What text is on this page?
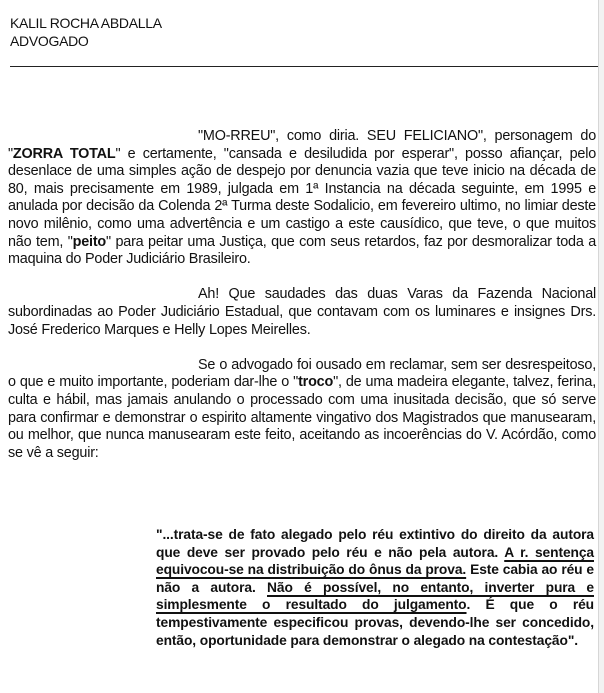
KALIL ROCHA ABDALLA
ADVOGADO

"MO-RREU", como diria. SEU FELICIANO", personagem do "ZORRA TOTAL" e certamente, "cansada e desiludida por esperar", posso afiançar, pelo desenlace de uma simples ação de despejo por denuncia vazia que teve inicio na década de 80, mais precisamente em 1989, julgada em 1ª Instancia na década seguinte, em 1995 e anulada por decisão da Colenda 2ª Turma deste Sodalicio, em fevereiro ultimo, no limiar deste novo milênio, como uma advertência e um castigo a este causídico, que teve, o que muitos não tem, "peito" para peitar uma Justiça, que com seus retardos, faz por desmoralizar toda a maquina do Poder Judiciário Brasileiro.

Ah! Que saudades das duas Varas da Fazenda Nacional subordinadas ao Poder Judiciário Estadual, que contavam com os luminares e insignes Drs. José Frederico Marques e Helly Lopes Meirelles.

Se o advogado foi ousado em reclamar, sem ser desrespeitoso, o que e muito importante, poderiam dar-lhe o "troco", de uma madeira elegante, talvez, ferina, culta e hábil, mas jamais anulando o processado com uma inusitada decisão, que só serve para confirmar e demonstrar o espirito altamente vingativo dos Magistrados que manusearam, ou melhor, que nunca manusearam este feito, aceitando as incoerências do V. Acórdão, como se vê a seguir:

"...trata-se de fato alegado pelo réu extintivo do direito da autora que deve ser provado pelo réu e não pela autora. A r. sentença equivocou-se na distribuição do ônus da prova. Este cabia ao réu e não a autora. Não é possível, no entanto, inverter pura e simplesmente o resultado do julgamento. É que o réu tempestivamente especificou provas, devendo-lhe ser concedido, então, oportunidade para demonstrar o alegado na contestação".
